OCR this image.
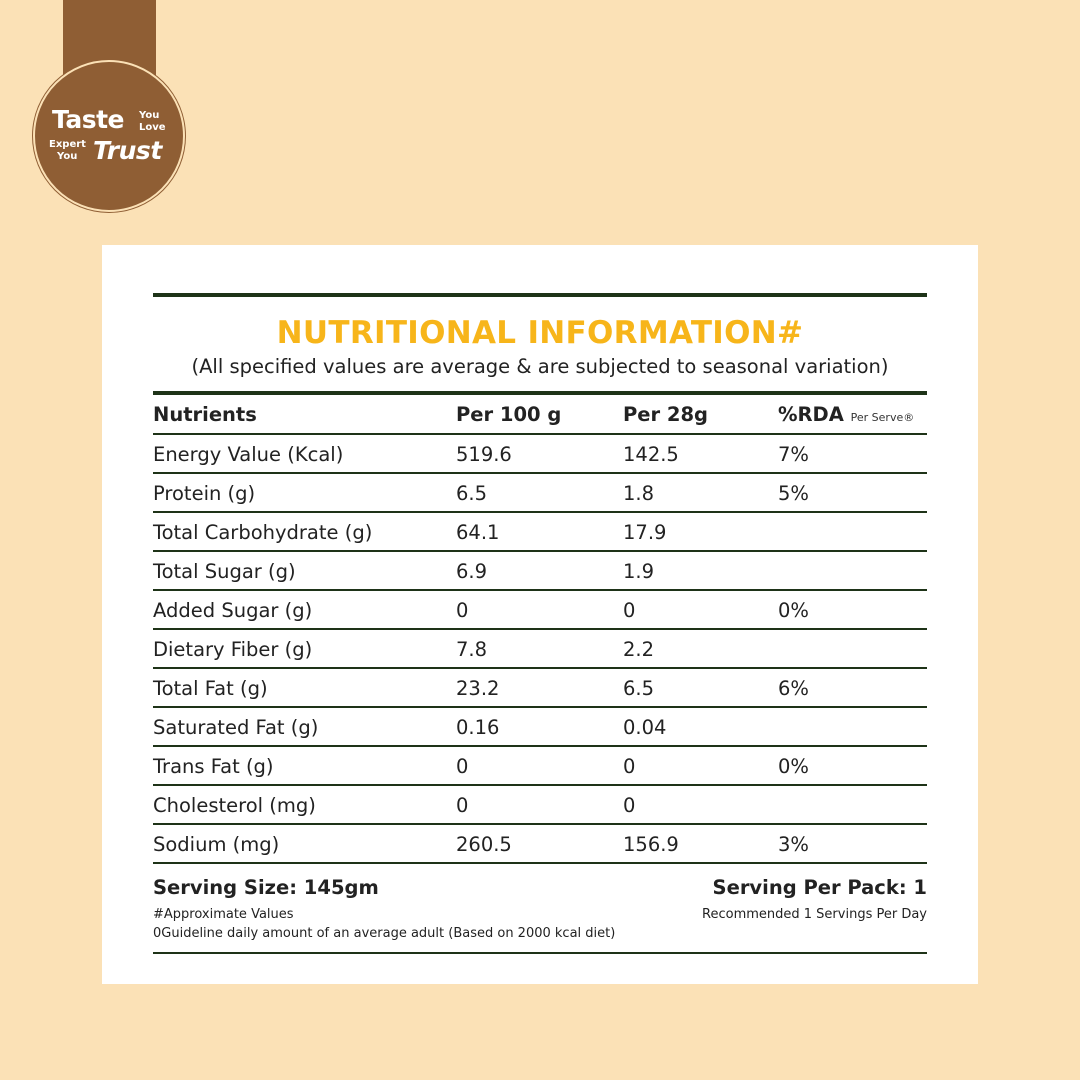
Taste You
Love
Expert
You Trust
NUTRITIONAL INFORMATION#
(All specified values are average & are subjected to seasonal variation)
Nutrients	Per 100 g	Per 28g	%RDA Per Serve®
Energy Value (Kcal)	519.6	142.5	7%
Protein (g)	6.5	1.8	5%
Total Carbohydrate (g)	64.1	17.9
Total Sugar (g)	6.9	1.9
Added Sugar (g)	0	0	0%
Dietary Fiber (g)	7.8	2.2
Total Fat (g)	23.2	6.5	6%
Saturated Fat (g)	0.16	0.04
Trans Fat (g)	0	0	0%
Cholesterol (mg)	0	0
Sodium (mg)	260.5	156.9	3%
Serving Size: 145gm	Serving Per Pack: 1
#Approximate Values
0Guideline daily amount of an average adult (Based on 2000 kcal diet)
Recommended 1 Servings Per Day
